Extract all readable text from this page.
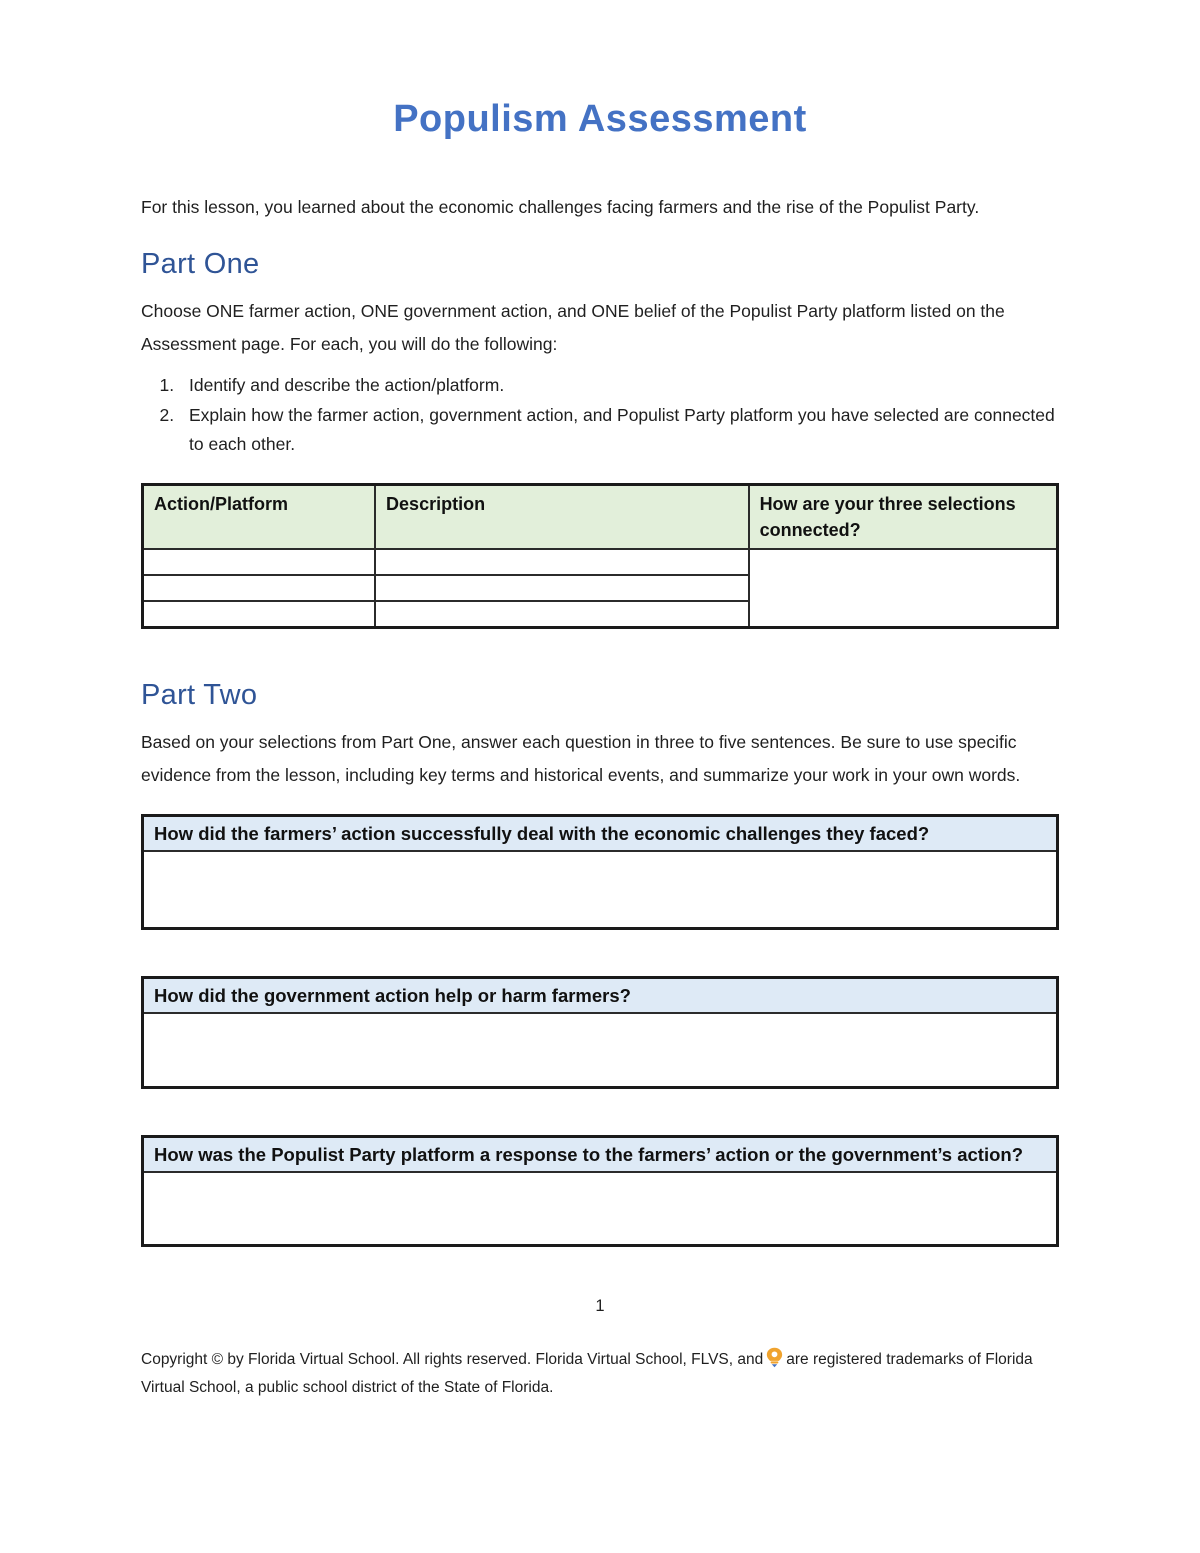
Populism Assessment

For this lesson, you learned about the economic challenges facing farmers and the rise of the Populist Party.

Part One

Choose ONE farmer action, ONE government action, and ONE belief of the Populist Party platform listed on the Assessment page. For each, you will do the following:

1. Identify and describe the action/platform.
2. Explain how the farmer action, government action, and Populist Party platform you have selected are connected to each other.
Action/Platform	Description	How are your three selections connected?

Part Two

Based on your selections from Part One, answer each question in three to five sentences. Be sure to use specific evidence from the lesson, including key terms and historical events, and summarize your work in your own words.

How did the farmers’ action successfully deal with the economic challenges they faced?

How did the government action help or harm farmers?

How was the Populist Party platform a response to the farmers’ action or the government’s action?

1

Copyright © by Florida Virtual School. All rights reserved. Florida Virtual School, FLVS, and are registered trademarks of Florida Virtual School, a public school district of the State of Florida.
